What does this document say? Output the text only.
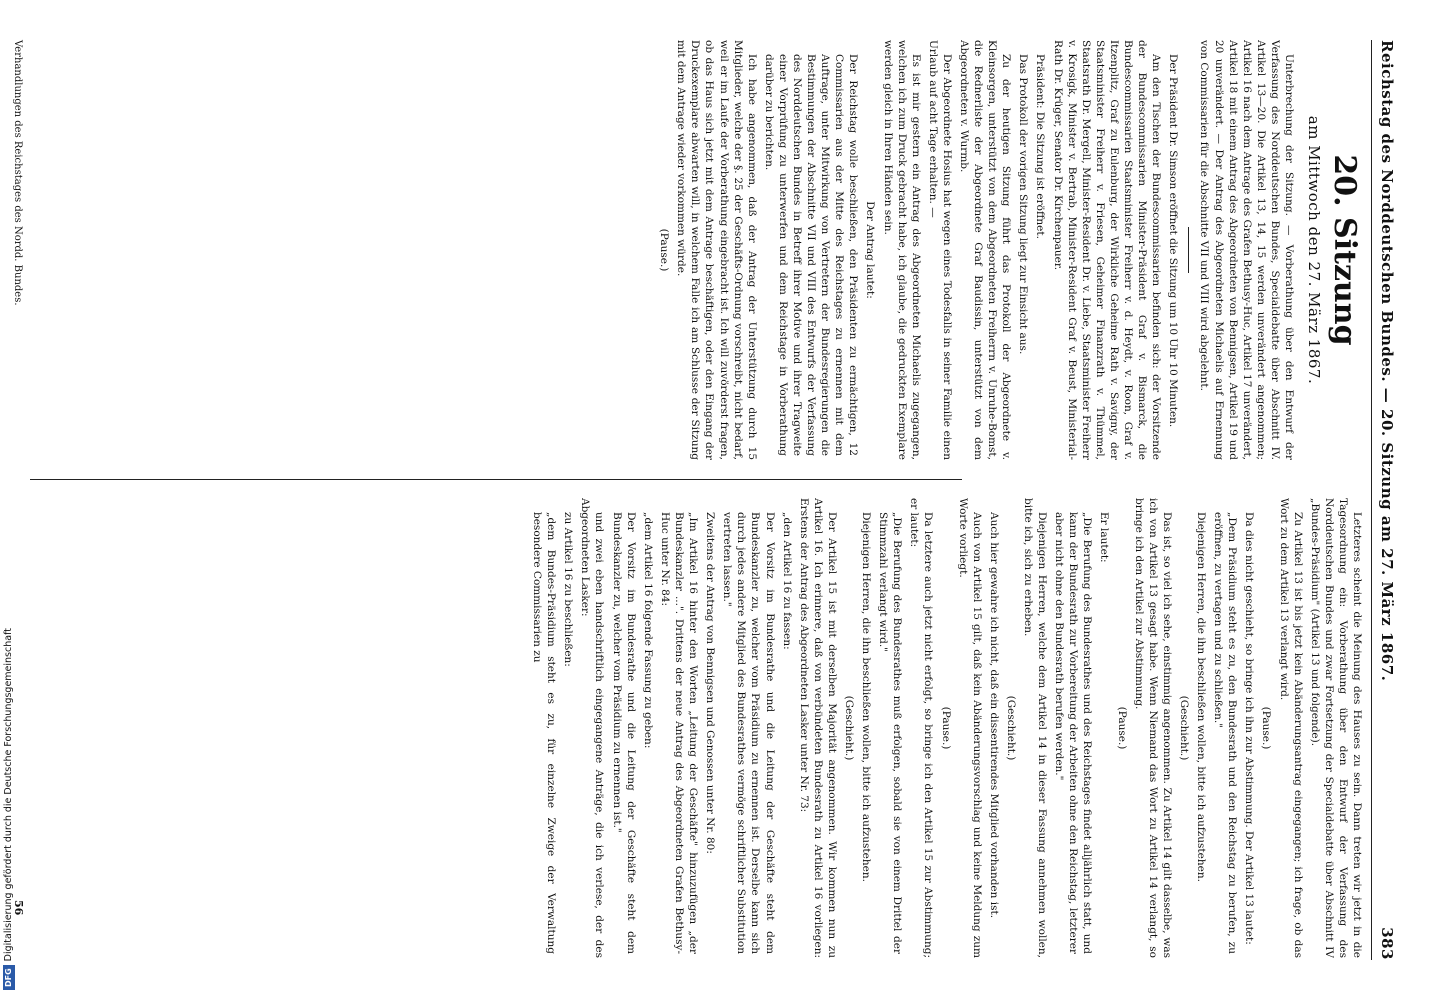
Reichstag des Norddeutschen Bundes. — 20. Sitzung am 27. März 1867.
383
20. Sitzung
am Mittwoch den 27. März 1867.

Unterbrechung der Sitzung. — Vorberathung über den Entwurf der Verfassung des Norddeutschen Bundes, Specialdebatte über Abschnitt IV. Artikel 13—20. Die Artikel 13, 14, 15 werden unverändert angenommen; Artikel 16 nach dem Antrage des Grafen Bethusy-Huc, Artikel 17 unverändert, Artikel 18 mit einem Antrag des Abgeordneten von Bennigsen, Artikel 19 und 20 unverändert. — Der Antrag des Abgeordneten Michaelis auf Ernennung von Commissarien für die Abschnitte VII und VIII wird abgelehnt.

Der Präsident Dr. Simson eröffnet die Sitzung um 10 Uhr 10 Minuten.

Am den Tischen der Bundescommissarien befinden sich: der Vorsitzende der Bundescommissarien Minister-Präsident Graf v. Bismarck, die Bundescommissarien Staatsminister Freiherr v. d. Heydt, v. Roon, Graf v. Itzenplitz, Graf zu Eulenburg, der Wirkliche Geheime Rath v. Savigny, der Staatsminister Freiherr v. Friesen, Geheimer Finanzrath v. Thümmel, Staatsrath Dr. Mergell, Minister-Resident Dr. v. Liebe, Staatsminister Freiherr v. Krosigk, Minister v. Bertrab, Minister-Resident Graf v. Beust, Ministerial-Rath Dr. Krüger, Senator Dr. Kirchenpauer.

Präsident: Die Sitzung ist eröffnet.

Das Protokoll der vorigen Sitzung liegt zur Einsicht aus.

Zu der heutigen Sitzung führt das Protokoll der Abgeordnete v. Kleinsorgen, unterstützt von dem Abgeordneten Freiherrn v. Unruhe-Bomst, die Rednerliste der Abgeordnete Graf Baudissin, unterstützt von dem Abgeordneten v. Wurmb.

Der Abgeordnete Hosius hat wegen eines Todesfalls in seiner Familie einen Urlaub auf acht Tage erhalten. —

Es ist mir gestern ein Antrag des Abgeordneten Michaelis zugegangen, welchen ich zum Druck gebracht habe, ich glaube, die gedruckten Exemplare werden gleich in Ihren Händen sein.

Der Antrag lautet:

Der Reichstag wolle beschließen, den Präsidenten zu ermächtigen, 12 Commissarien aus der Mitte des Reichstages zu ernennen mit dem Auftrage, unter Mitwirkung von Vertretern der Bundesregierungen die Bestimmungen der Abschnitte VII und VIII des Entwurfs der Verfassung des Norddeutschen Bundes in Betreff ihrer Motive und ihrer Tragweite einer Vorprüfung zu unterwerfen und dem Reichstage in Vorberathung darüber zu berichten.

Ich habe angenommen, daß der Antrag der Unterstützung durch 15 Mitglieder, welche der §. 25 der Geschäfts-Ordnung vorschreibt, nicht bedarf, weil er im Laufe der Vorberathung eingebracht ist. Ich will zuvörderst fragen, ob das Haus sich jetzt mit dem Antrage beschäftigen, oder den Eingang der Druckexemplare abwarten will, in welchem Falle ich am Schlusse der Sitzung mit dem Antrage wieder vorkommen würde.

(Pause.)

Letzteres scheint die Meinung des Hauses zu sein. Dann treten wir jetzt in die Tagesordnung ein: Vorberathung über den Entwurf der Verfassung des Norddeutschen Bundes und zwar Fortsetzung der Specialdebatte über Abschnitt IV „Bundes-Präsidium" (Artikel 13 und folgende).

Zu Artikel 13 ist bis jetzt kein Abänderungsantrag eingegangen; ich frage, ob das Wort zu dem Artikel 13 verlangt wird.

(Pause.)

Da dies nicht geschieht, so bringe ich ihn zur Abstimmung. Der Artikel 13 lautet:

„Dem Präsidium steht es zu, den Bundesrath und den Reichstag zu berufen, zu eröffnen, zu vertagen und zu schließen."

Diejenigen Herren, die ihn beschließen wollen, bitte ich aufzustehen.

(Geschieht.)

Das ist, so viel ich sehe, einstimmig angenommen. Zu Artikel 14 gilt dasselbe, was ich von Artikel 13 gesagt habe. Wenn Niemand das Wort zu Artikel 14 verlangt, so bringe ich den Artikel zur Abstimmung.

(Pause.)

Er lautet:

„Die Berufung des Bundesrathes und des Reichstages findet alljährlich statt, und kann der Bundesrath zur Vorbereitung der Arbeiten ohne den Reichstag, letzterer aber nicht ohne den Bundesrath berufen werden."

Diejenigen Herren, welche dem Artikel 14 in dieser Fassung annehmen wollen, bitte ich, sich zu erheben.

(Geschieht.)

Auch hier gewahre ich nicht, daß ein dissentirendes Mitglied vorhanden ist.

Auch von Artikel 15 gilt, daß kein Abänderungsvorschlag und keine Meldung zum Worte vorliegt.

(Pause.)

Da letztere auch jetzt nicht erfolgt, so bringe ich den Artikel 15 zur Abstimmung; er lautet:

„Die Berufung des Bundesrathes muß erfolgen, sobald sie von einem Drittel der Stimmzahl verlangt wird."

Diejenigen Herren, die ihn beschließen wollen, bitte ich aufzustehen.

(Geschieht.)

Der Artikel 15 ist mit derselben Majorität angenommen. Wir kommen nun zu Artikel 16. Ich erinnere, daß von verbündeten Bundesrath zu Artikel 16 vorliegen: Erstens der Antrag des Abgeordneten Lasker unter Nr. 73:

„den Artikel 16 zu fassen:

Der Vorsitz im Bundesrathe und die Leitung der Geschäfte steht dem Bundeskanzler zu, welcher vom Präsidium zu ernennen ist. Derselbe kann sich durch jedes andere Mitglied des Bundesrathes vermöge schriftlicher Substitution vertreten lassen."

Zweitens der Antrag von Bennigsen und Genossen unter Nr. 80:

„Im Artikel 16 hinter den Worten „Leitung der Geschäfte" hinzuzufügen „der Bundeskanzler ...". Drittens der neue Antrag des Abgeordneten Grafen Bethusy-Huc unter Nr. 84:

„dem Artikel 16 folgende Fassung zu geben:

Der Vorsitz im Bundesrathe und die Leitung der Geschäfte steht dem Bundeskanzler zu, welcher vom Präsidium zu ernennen ist."

und zwei eben handschriftlich eingegangene Anträge, die ich verlese, der des Abgeordneten Lasker:

zu Artikel 16 zu beschließen:

„dem Bundes-Präsidium steht es zu, für einzelne Zweige der Verwaltung besondere Commissarien zu

Verhandlungen des Reichstages des Nordd. Bundes.
56
DFG
Digitalisierung gefördert durch die Deutsche Forschungsgemeinschaft
